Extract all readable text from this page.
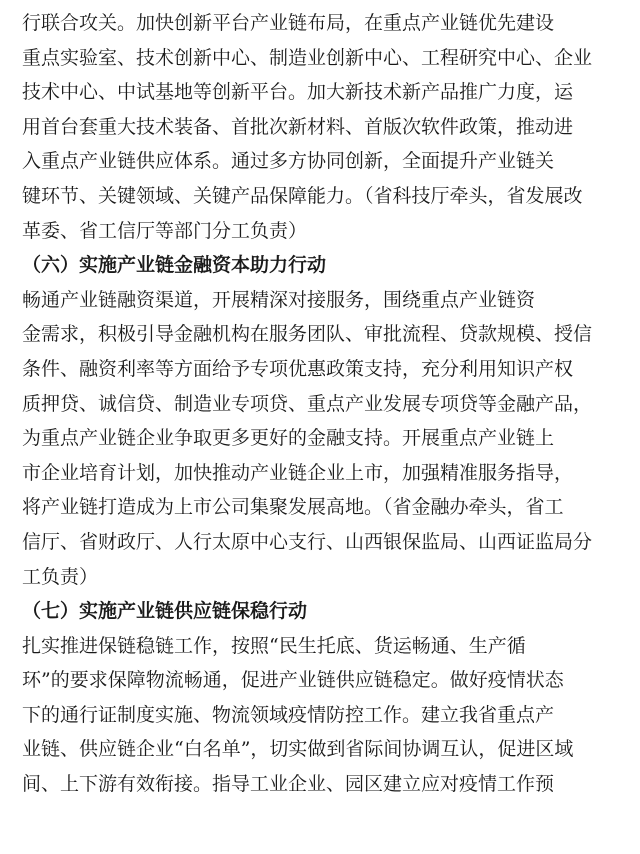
行联合攻关。加快创新平台产业链布局，在重点产业链优先建设
重点实验室、技术创新中心、制造业创新中心、工程研究中心、企业
技术中心、中试基地等创新平台。加大新技术新产品推广力度，运
用首台套重大技术装备、首批次新材料、首版次软件政策，推动进
入重点产业链供应体系。通过多方协同创新，全面提升产业链关
键环节、关键领域、关键产品保障能力。（省科技厅牵头，省发展改
革委、省工信厅等部门分工负责）
（六）实施产业链金融资本助力行动
畅通产业链融资渠道，开展精深对接服务，围绕重点产业链资
金需求，积极引导金融机构在服务团队、审批流程、贷款规模、授信
条件、融资利率等方面给予专项优惠政策支持，充分利用知识产权
质押贷、诚信贷、制造业专项贷、重点产业发展专项贷等金融产品，
为重点产业链企业争取更多更好的金融支持。开展重点产业链上
市企业培育计划，加快推动产业链企业上市，加强精准服务指导，
将产业链打造成为上市公司集聚发展高地。（省金融办牵头，省工
信厅、省财政厅、人行太原中心支行、山西银保监局、山西证监局分
工负责）
（七）实施产业链供应链保稳行动
扎实推进保链稳链工作，按照“民生托底、货运畅通、生产循
环”的要求保障物流畅通，促进产业链供应链稳定。做好疫情状态
下的通行证制度实施、物流领域疫情防控工作。建立我省重点产
业链、供应链企业“白名单”，切实做到省际间协调互认，促进区域
间、上下游有效衔接。指导工业企业、园区建立应对疫情工作预
